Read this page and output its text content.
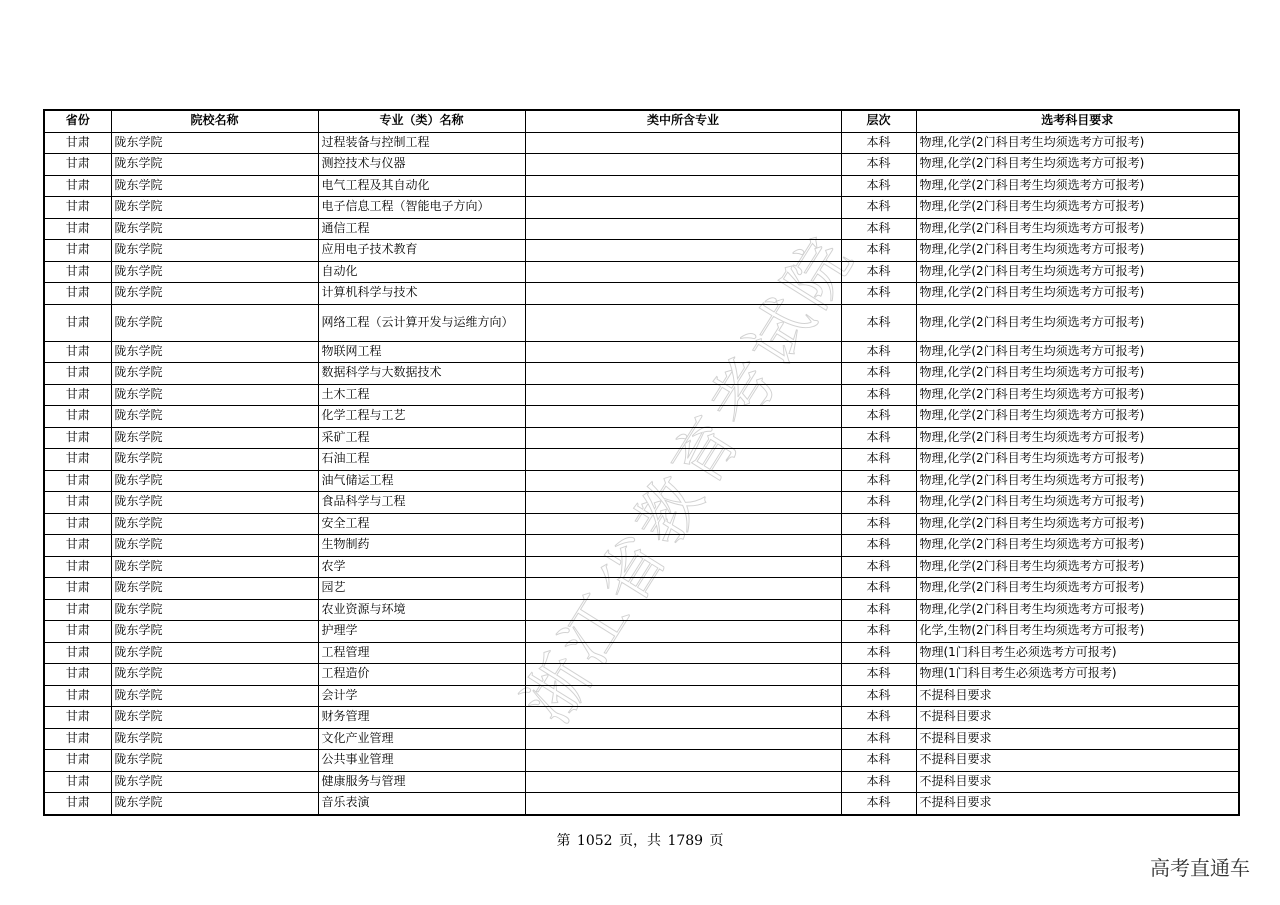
浙江省教育考试院
省份	院校名称	专业（类）名称	类中所含专业	层次	选考科目要求
甘肃	陇东学院	过程装备与控制工程		本科	物理,化学(2门科目考生均须选考方可报考)
甘肃	陇东学院	测控技术与仪器		本科	物理,化学(2门科目考生均须选考方可报考)
甘肃	陇东学院	电气工程及其自动化		本科	物理,化学(2门科目考生均须选考方可报考)
甘肃	陇东学院	电子信息工程（智能电子方向）		本科	物理,化学(2门科目考生均须选考方可报考)
甘肃	陇东学院	通信工程		本科	物理,化学(2门科目考生均须选考方可报考)
甘肃	陇东学院	应用电子技术教育		本科	物理,化学(2门科目考生均须选考方可报考)
甘肃	陇东学院	自动化		本科	物理,化学(2门科目考生均须选考方可报考)
甘肃	陇东学院	计算机科学与技术		本科	物理,化学(2门科目考生均须选考方可报考)
甘肃	陇东学院	网络工程（云计算开发与运维方向）		本科	物理,化学(2门科目考生均须选考方可报考)
甘肃	陇东学院	物联网工程		本科	物理,化学(2门科目考生均须选考方可报考)
甘肃	陇东学院	数据科学与大数据技术		本科	物理,化学(2门科目考生均须选考方可报考)
甘肃	陇东学院	土木工程		本科	物理,化学(2门科目考生均须选考方可报考)
甘肃	陇东学院	化学工程与工艺		本科	物理,化学(2门科目考生均须选考方可报考)
甘肃	陇东学院	采矿工程		本科	物理,化学(2门科目考生均须选考方可报考)
甘肃	陇东学院	石油工程		本科	物理,化学(2门科目考生均须选考方可报考)
甘肃	陇东学院	油气储运工程		本科	物理,化学(2门科目考生均须选考方可报考)
甘肃	陇东学院	食品科学与工程		本科	物理,化学(2门科目考生均须选考方可报考)
甘肃	陇东学院	安全工程		本科	物理,化学(2门科目考生均须选考方可报考)
甘肃	陇东学院	生物制药		本科	物理,化学(2门科目考生均须选考方可报考)
甘肃	陇东学院	农学		本科	物理,化学(2门科目考生均须选考方可报考)
甘肃	陇东学院	园艺		本科	物理,化学(2门科目考生均须选考方可报考)
甘肃	陇东学院	农业资源与环境		本科	物理,化学(2门科目考生均须选考方可报考)
甘肃	陇东学院	护理学		本科	化学,生物(2门科目考生均须选考方可报考)
甘肃	陇东学院	工程管理		本科	物理(1门科目考生必须选考方可报考)
甘肃	陇东学院	工程造价		本科	物理(1门科目考生必须选考方可报考)
甘肃	陇东学院	会计学		本科	不提科目要求
甘肃	陇东学院	财务管理		本科	不提科目要求
甘肃	陇东学院	文化产业管理		本科	不提科目要求
甘肃	陇东学院	公共事业管理		本科	不提科目要求
甘肃	陇东学院	健康服务与管理		本科	不提科目要求
甘肃	陇东学院	音乐表演		本科	不提科目要求
第 1052 页，共 1789 页
高考直通车
